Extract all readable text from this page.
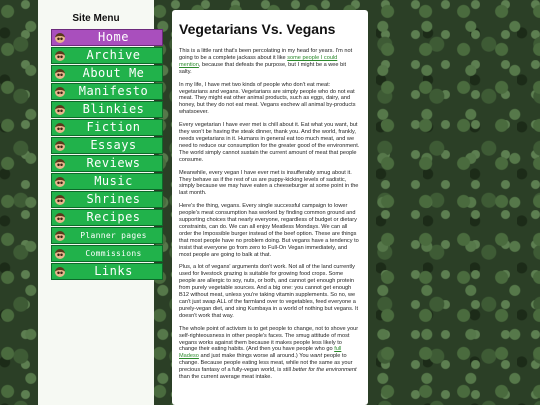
Site Menu
Home
Archive
About Me
Manifesto
Blinkies
Fiction
Essays
Reviews
Music
Shrines
Recipes
Planner pages
Commissions
Links
Vegetarians Vs. Vegans

This is a little rant that's been percolating in my head for years. I'm not going to be a complete jackass about it like some people I could mention, because that defeats the purpose, but I might be a wee bit salty.

In my life, I have met two kinds of people who don't eat meat: vegetarians and vegans. Vegetarians are simply people who do not eat meat. They might eat other animal products, such as eggs, dairy, and honey, but they do not eat meat. Vegans eschew all animal by-products whatsoever.

Every vegetarian I have ever met is chill about it. Eat what you want, but they won't be having the steak dinner, thank you. And the world, frankly, needs vegetarians in it. Humans in general eat too much meat, and we need to reduce our consumption for the greater good of the environment. The world simply cannot sustain the current amount of meat that people consume.

Meanwhile, every vegan I have ever met is insufferably smug about it. They behave as if the rest of us are puppy-kicking levels of sadistic, simply because we may have eaten a cheeseburger at some point in the last month.

Here's the thing, vegans. Every single successful campaign to lower people's meat consumption has worked by finding common ground and supporting choices that nearly everyone, regardless of budget or dietary constraints, can do. We can all enjoy Meatless Mondays. We can all order the Impossible burger instead of the beef option. These are things that most people have no problem doing. But vegans have a tendency to insist that everyone go from zero to Full-On Vegan immediately, and most people are going to balk at that.

Plus, a lot of vegans' arguments don't work. Not all of the land currently used for livestock grazing is suitable for growing food crops. Some people are allergic to soy, nuts, or both, and cannot get enough protein from purely vegetable sources. And a big one: you cannot get enough B12 without meat, unless you're taking vitamin supplements. So no, we can't just swap ALL of the farmland over to vegetables, feed everyone a purely-vegan diet, and sing Kumbaya in a world of nothing but vegans. It doesn't work that way.

The whole point of activism is to get people to change, not to shove your self-righteousness in other people's faces. The smug attitude of most vegans works against them because it makes people less likely to change their eating habits. (And then you have people who go full Madeso and just make things worse all around.) You want people to change. Because people eating less meat, while not the same as your precious fantasy of a fully-vegan world, is still better for the environment than the current average meat intake.
